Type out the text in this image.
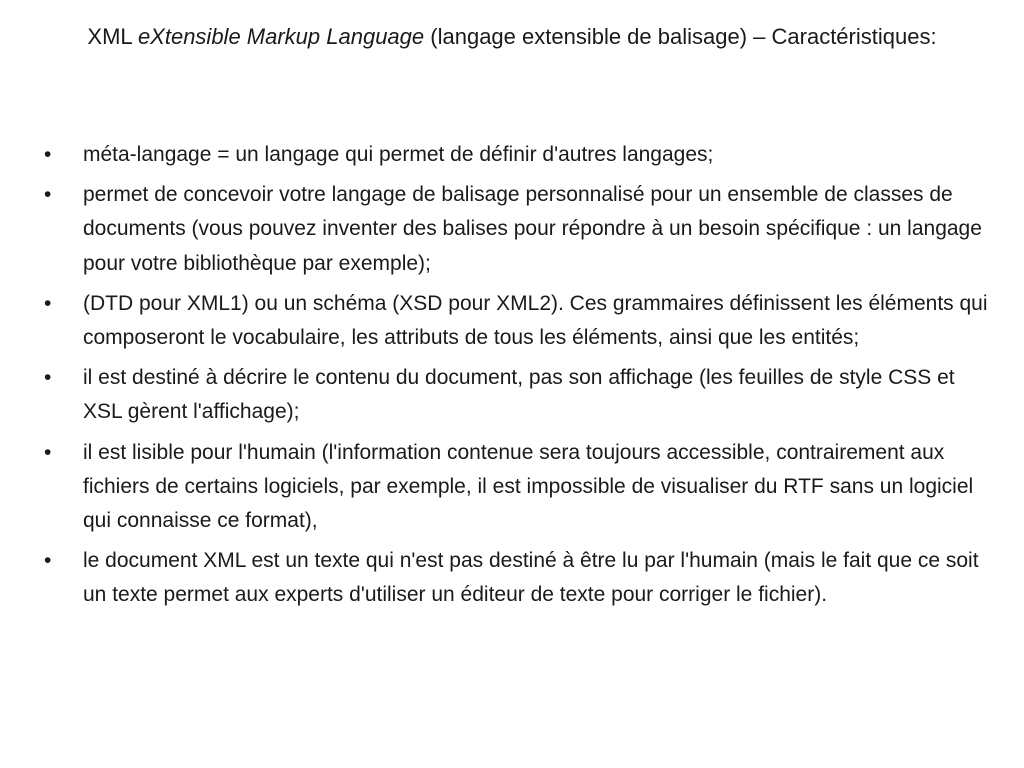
XML eXtensible Markup Language (langage extensible de balisage) – Caractéristiques:
• méta-langage = un langage qui permet de définir d'autres langages;
• permet de concevoir votre langage de balisage personnalisé pour un ensemble de classes de documents (vous pouvez inventer des balises pour répondre à un besoin spécifique : un langage pour votre bibliothèque par exemple);
• (DTD pour XML1) ou un schéma (XSD pour XML2). Ces grammaires définissent les éléments qui composeront le vocabulaire, les attributs de tous les éléments, ainsi que les entités;
• il est destiné à décrire le contenu du document, pas son affichage (les feuilles de style CSS et XSL gèrent l'affichage);
• il est lisible pour l'humain (l'information contenue sera toujours accessible, contrairement aux fichiers de certains logiciels, par exemple, il est impossible de visualiser du RTF sans un logiciel qui connaisse ce format),
• le document XML est un texte qui n'est pas destiné à être lu par l'humain (mais le fait que ce soit un texte permet aux experts d'utiliser un éditeur de texte pour corriger le fichier).
